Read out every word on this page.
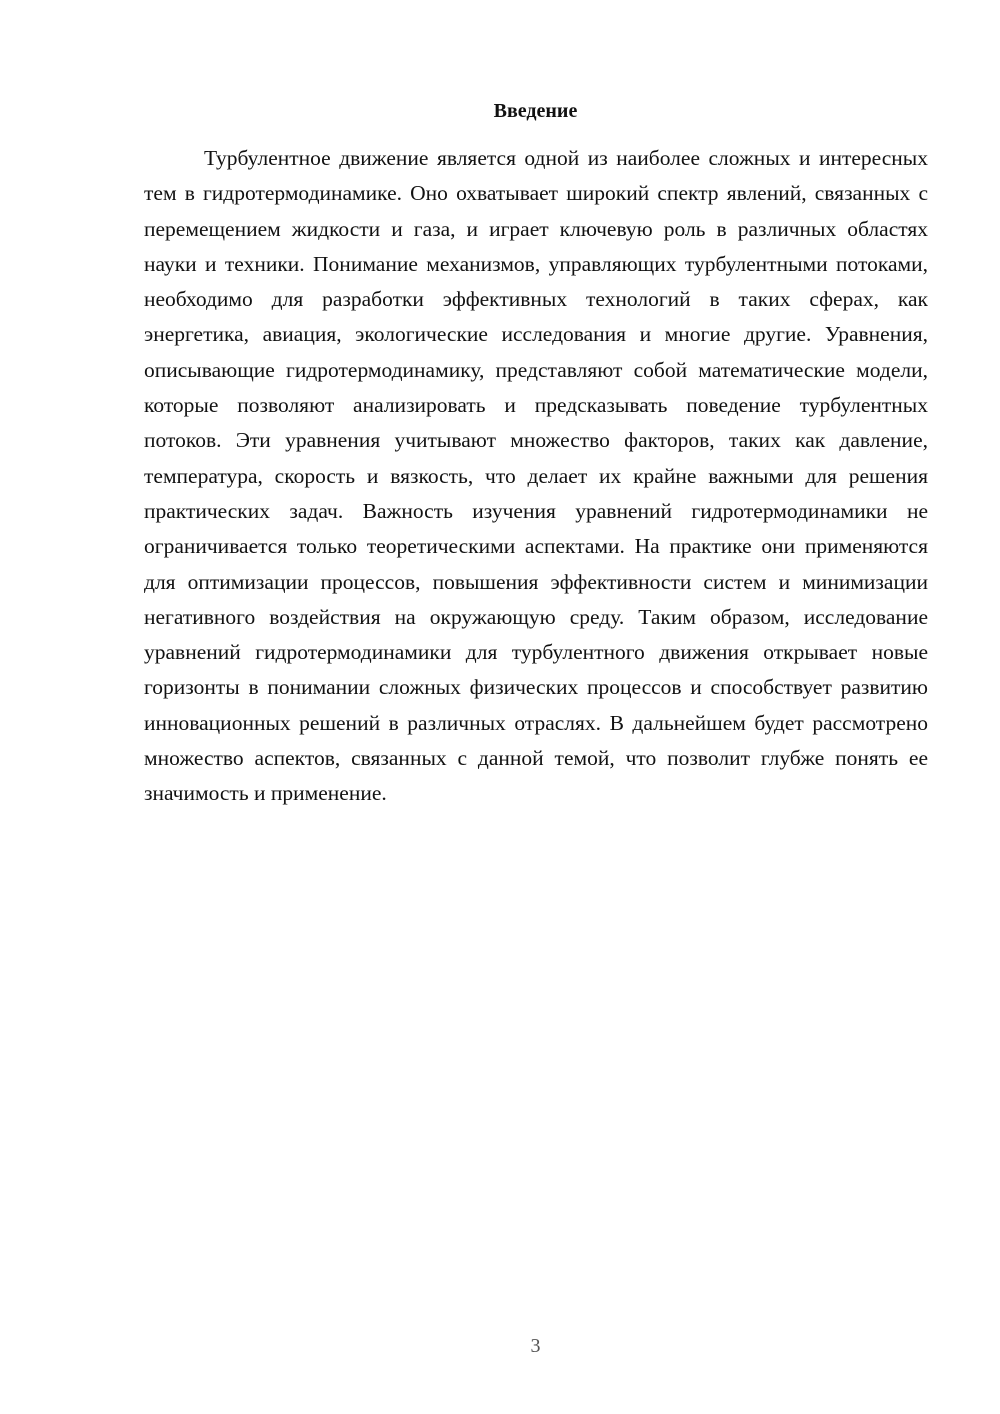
Введение

Турбулентное движение является одной из наиболее сложных и интересных тем в гидротермодинамике. Оно охватывает широкий спектр явлений, связанных с перемещением жидкости и газа, и играет ключевую роль в различных областях науки и техники. Понимание механизмов, управляющих турбулентными потоками, необходимо для разработки эффективных технологий в таких сферах, как энергетика, авиация, экологические исследования и многие другие. Уравнения, описывающие гидротермодинамику, представляют собой математические модели, которые позволяют анализировать и предсказывать поведение турбулентных потоков. Эти уравнения учитывают множество факторов, таких как давление, температура, скорость и вязкость, что делает их крайне важными для решения практических задач. Важность изучения уравнений гидротермодинамики не ограничивается только теоретическими аспектами. На практике они применяются для оптимизации процессов, повышения эффективности систем и минимизации негативного воздействия на окружающую среду. Таким образом, исследование уравнений гидротермодинамики для турбулентного движения открывает новые горизонты в понимании сложных физических процессов и способствует развитию инновационных решений в различных отраслях. В дальнейшем будет рассмотрено множество аспектов, связанных с данной темой, что позволит глубже понять ее значимость и применение.

3
